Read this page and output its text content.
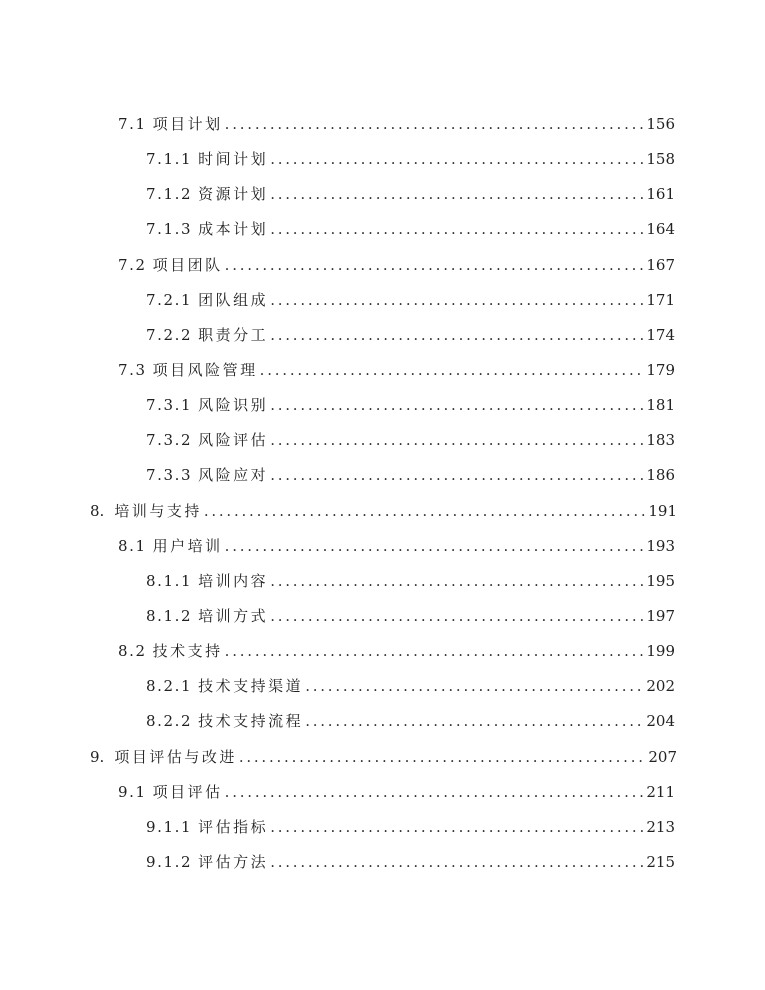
7.1 项目计划 . . .	156
7.1.1 时间计划 . . .	158
7.1.2 资源计划 . . .	161
7.1.3 成本计划 . . .	164
7.2 项目团队 . . .	167
7.2.1 团队组成 . . .	171
7.2.2 职责分工 . . .	174
7.3 项目风险管理 . . .	179
7.3.1 风险识别 . . .	181
7.3.2 风险评估 . . .	183
7.3.3 风险应对 . . .	186
8. 培训与支持 . . .	191
8.1 用户培训 . . .	193
8.1.1 培训内容 . . .	195
8.1.2 培训方式 . . .	197
8.2 技术支持 . . .	199
8.2.1 技术支持渠道 . . .	202
8.2.2 技术支持流程 . . .	204
9. 项目评估与改进 . . .	207
9.1 项目评估 . . .	211
9.1.1 评估指标 . . .	213
9.1.2 评估方法 . . .	215
